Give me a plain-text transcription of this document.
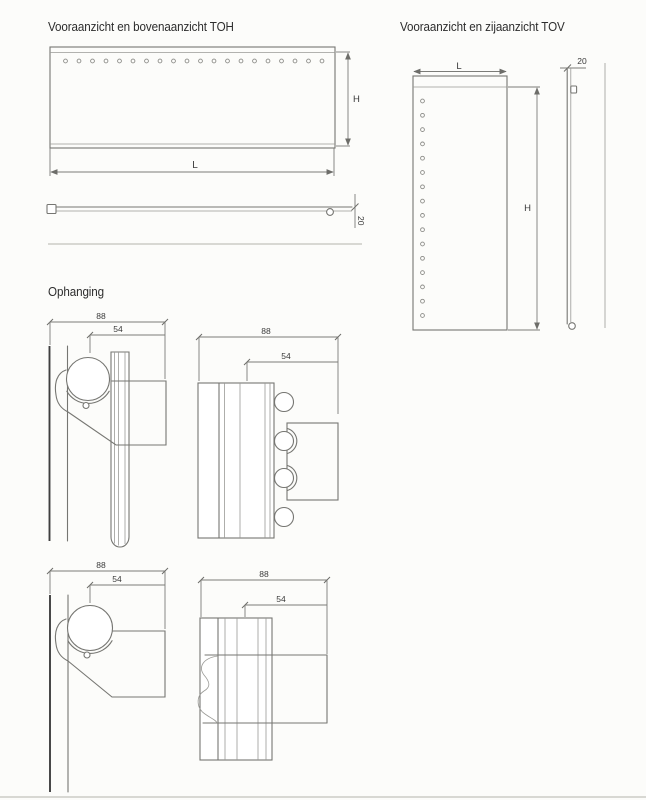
Vooraanzicht en bovenaanzicht TOH	Vooraanzicht en zijaanzicht TOV
Ophanging
H
L
20
L
H
20
88
54	88
54
88
54	88
54
